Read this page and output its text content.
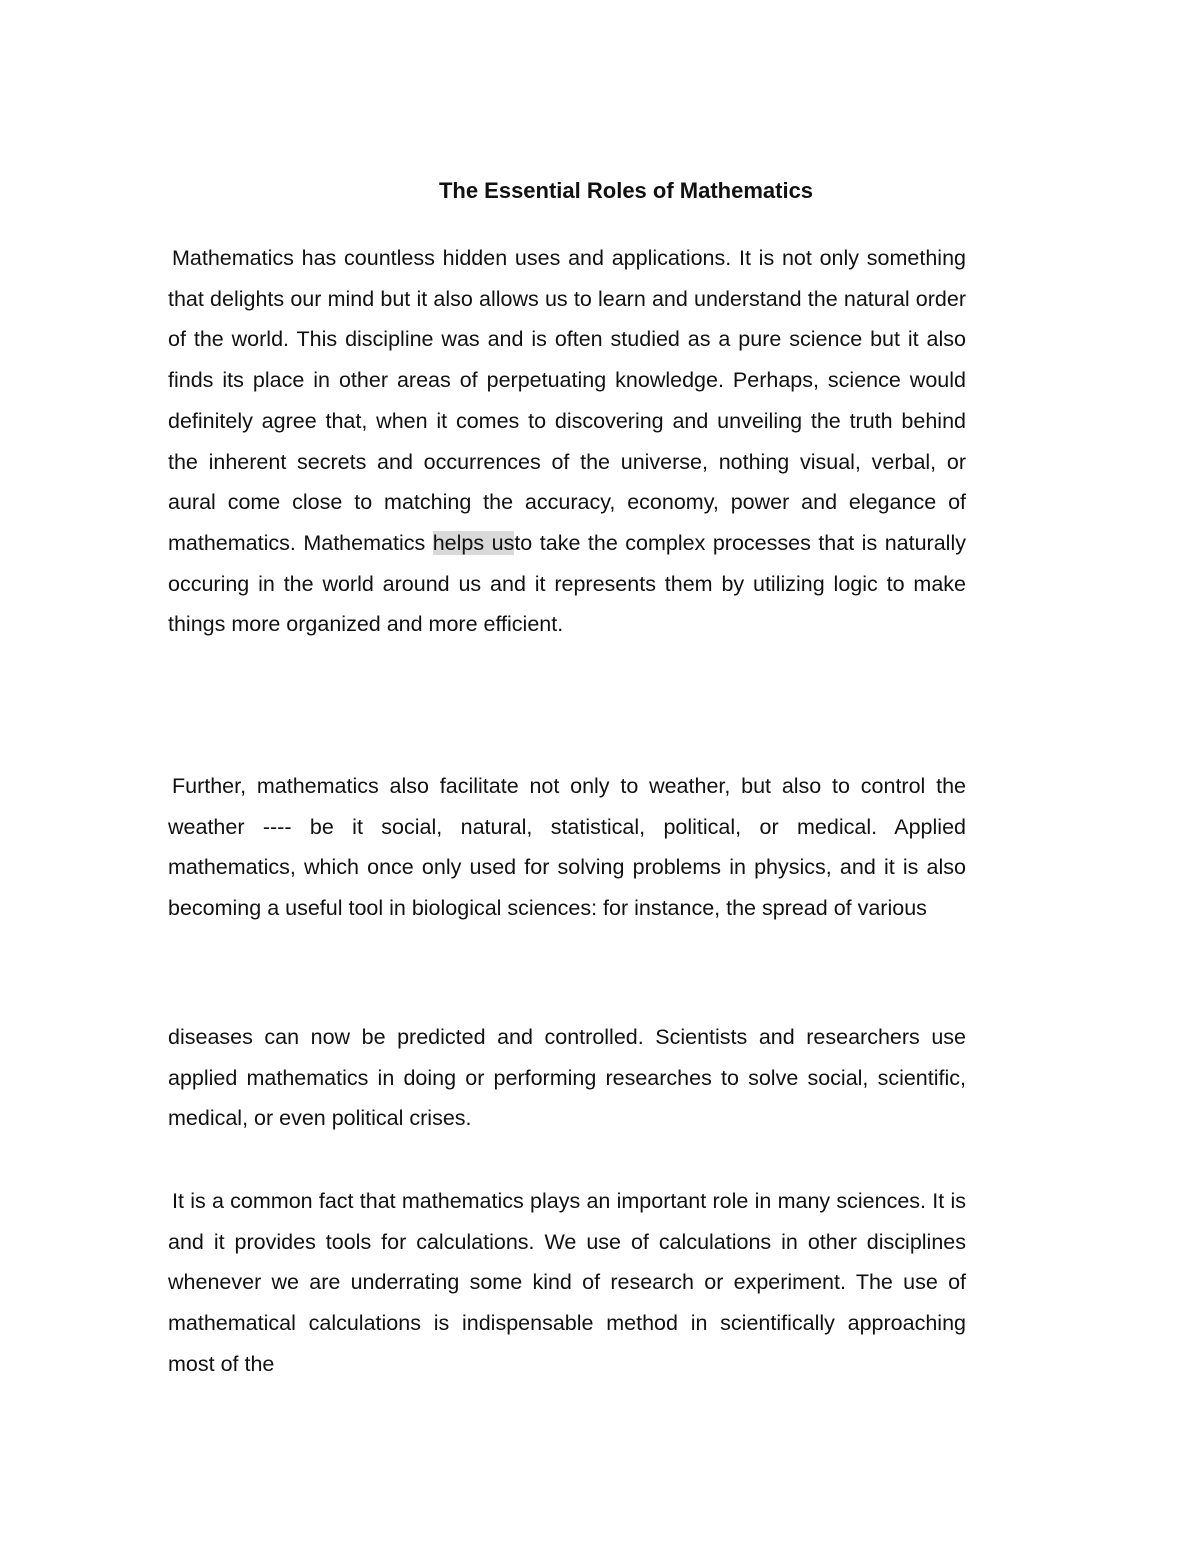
The Essential Roles of Mathematics

Mathematics has countless hidden uses and applications. It is not only something that delights our mind but it also allows us to learn and understand the natural order of the world. This discipline was and is often studied as a pure science but it also finds its place in other areas of perpetuating knowledge. Perhaps, science would definitely agree that, when it comes to discovering and unveiling the truth behind the inherent secrets and occurrences of the universe, nothing visual, verbal, or aural come close to matching the accuracy, economy, power and elegance of mathematics. Mathematics helps usto take the complex processes that is naturally occuring in the world around us and it represents them by utilizing logic to make things more organized and more efficient.

Further, mathematics also facilitate not only to weather, but also to control the weather ---- be it social, natural, statistical, political, or medical. Applied mathematics, which once only used for solving problems in physics, and it is also becoming a useful tool in biological sciences: for instance, the spread of various

diseases can now be predicted and controlled. Scientists and researchers use applied mathematics in doing or performing researches to solve social, scientific, medical, or even political crises.

It is a common fact that mathematics plays an important role in many sciences. It is and it provides tools for calculations. We use of calculations in other disciplines whenever we are underrating some kind of research or experiment. The use of mathematical calculations is indispensable method in scientifically approaching most of the
